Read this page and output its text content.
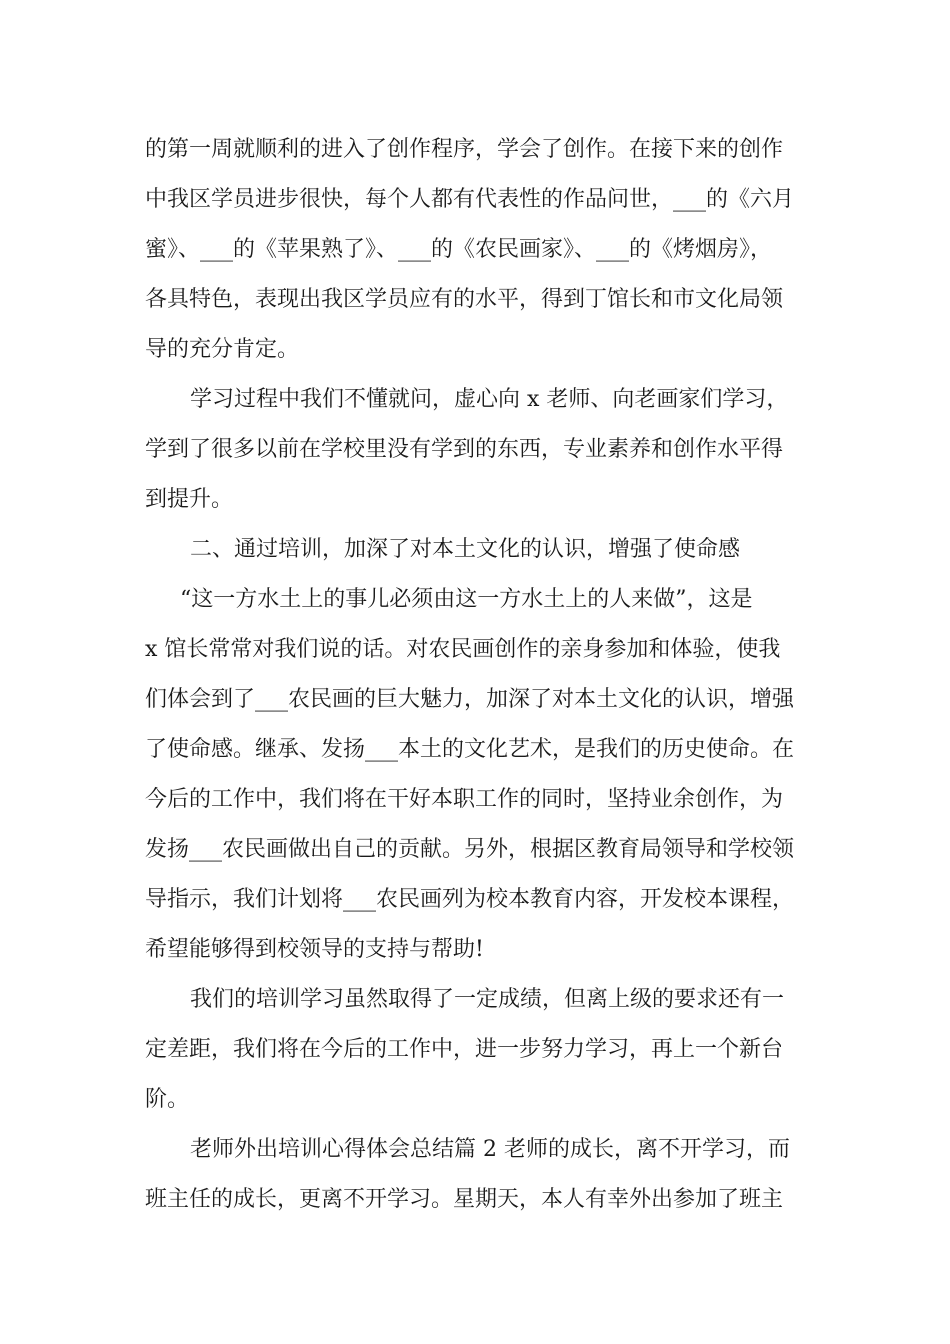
的第一周就顺利的进入了创作程序，学会了创作。在接下来的创作
中我区学员进步很快，每个人都有代表性的作品问世，___的《六月
蜜》、___的《苹果熟了》、___的《农民画家》、___的《烤烟房》，
各具特色，表现出我区学员应有的水平，得到丁馆长和市文化局领
导的充分肯定。
学习过程中我们不懂就问，虚心向 x 老师、向老画家们学习，
学到了很多以前在学校里没有学到的东西，专业素养和创作水平得
到提升。
二、通过培训，加深了对本土文化的认识，增强了使命感
“这一方水土上的事儿必须由这一方水土上的人来做”，这是
x 馆长常常对我们说的话。对农民画创作的亲身参加和体验，使我
们体会到了___农民画的巨大魅力，加深了对本土文化的认识，增强
了使命感。继承、发扬___本土的文化艺术，是我们的历史使命。在
今后的工作中，我们将在干好本职工作的同时，坚持业余创作，为
发扬___农民画做出自己的贡献。另外，根据区教育局领导和学校领
导指示，我们计划将___农民画列为校本教育内容，开发校本课程，
希望能够得到校领导的支持与帮助!
我们的培训学习虽然取得了一定成绩，但离上级的要求还有一
定差距，我们将在今后的工作中，进一步努力学习，再上一个新台
阶。
老师外出培训心得体会总结篇 2 老师的成长，离不开学习，而
班主任的成长，更离不开学习。星期天，本人有幸外出参加了班主
